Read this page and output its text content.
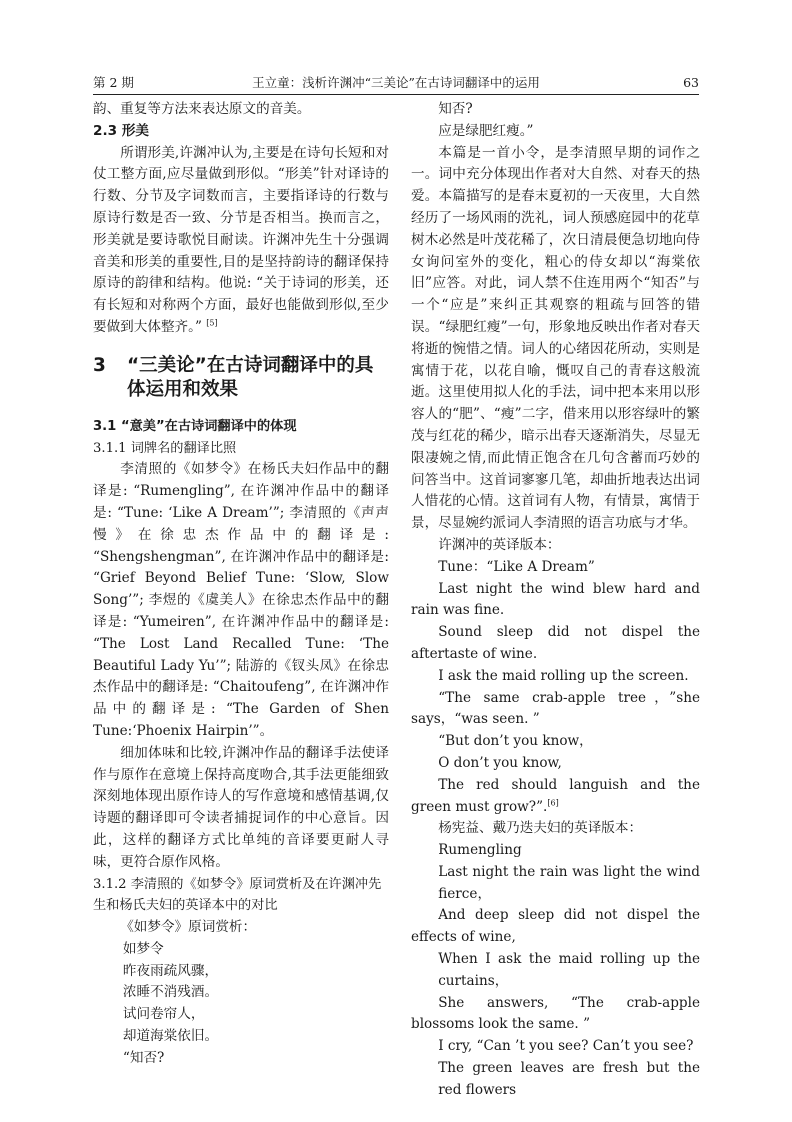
第 2 期	王立童：浅析许渊冲“三美论”在古诗词翻译中的运用	63

韵、重复等方法来表达原文的音美。

2.3 形美

所谓形美,许渊冲认为,主要是在诗句长短和对仗工整方面,应尽量做到形似。“形美”针对译诗的行数、分节及字词数而言，主要指译诗的行数与原诗行数是否一致、分节是否相当。换而言之，形美就是要诗歌悦目耐读。许渊冲先生十分强调音美和形美的重要性,目的是坚持韵诗的翻译保持原诗的韵律和结构。他说: “关于诗词的形美，还有长短和对称两个方面，最好也能做到形似,至少要做到大体整齐。” [5]

3	“三美论”在古诗词翻译中的具体运用和效果

3.1 “意美”在古诗词翻译中的体现

3.1.1 词牌名的翻译比照

李清照的《如梦令》在杨氏夫妇作品中的翻译是: “Rumengling”, 在许渊冲作品中的翻译是: “Tune: ‘Like A Dream’”; 李清照的《声声慢》在徐忠杰作品中的翻译是: “Shengshengman”, 在许渊冲作品中的翻译是: “Grief Beyond Belief Tune: ‘Slow, Slow Song’”; 李煜的《虞美人》在徐忠杰作品中的翻译是: “Yumeiren”, 在许渊冲作品中的翻译是: “The Lost Land Recalled Tune: ‘The Beautiful Lady Yu’”; 陆游的《钗头凤》在徐忠杰作品中的翻译是: “Chaitoufeng”, 在许渊冲作品中的翻译是: “The Garden of Shen Tune:‘Phoenix Hairpin’”。

细加体味和比较,许渊冲作品的翻译手法使译作与原作在意境上保持高度吻合,其手法更能细致深刻地体现出原作诗人的写作意境和感情基调,仅诗题的翻译即可令读者捕捉词作的中心意旨。因此，这样的翻译方式比单纯的音译要更耐人寻味，更符合原作风格。

3.1.2 李清照的《如梦令》原词赏析及在许渊冲先生和杨氏夫妇的英译本中的对比

《如梦令》原词赏析：

如梦令

昨夜雨疏风骤，

浓睡不消残酒。

试问卷帘人，

却道海棠依旧。

“知否?

知否?

应是绿肥红瘦。”

本篇是一首小令，是李清照早期的词作之一。词中充分体现出作者对大自然、对春天的热爱。本篇描写的是春末夏初的一天夜里，大自然经历了一场风雨的洗礼，词人预感庭园中的花草树木必然是叶茂花稀了，次日清晨便急切地向侍女询问室外的变化，粗心的侍女却以“海棠依旧”应答。对此，词人禁不住连用两个“知否”与一个“应是”来纠正其观察的粗疏与回答的错误。“绿肥红瘦”一句，形象地反映出作者对春天将逝的惋惜之情。词人的心绪因花所动，实则是寓情于花，以花自喻，慨叹自己的青春这般流逝。这里使用拟人化的手法，词中把本来用以形容人的“肥”、“瘦”二字，借来用以形容绿叶的繁茂与红花的稀少，暗示出春天逐渐消失，尽显无限凄婉之情,而此情正饱含在几句含蓄而巧妙的问答当中。这首词寥寥几笔，却曲折地表达出词人惜花的心情。这首词有人物，有情景，寓情于景，尽显婉约派词人李清照的语言功底与才华。

许渊冲的英译版本：

Tune：“Like A Dream”

Last night the wind blew hard and rain was fine.

Sound sleep did not dispel the aftertaste of wine.

I ask the maid rolling up the screen.

“The same crab-apple tree，”she says，“was seen. ”

“But don’t you know，

O don’t you know,

The red should languish and the green must grow?”.[6]

杨宪益、戴乃迭夫妇的英译版本：

Rumengling

Last night the rain was light the wind fierce，

And deep sleep did not dispel the effects of wine,

When I ask the maid rolling up the curtains，

She answers, “The crab-apple blossoms look the same. ”

I cry, “Can ’t you see? Can’t you see?

The green leaves are fresh but the red flowers
